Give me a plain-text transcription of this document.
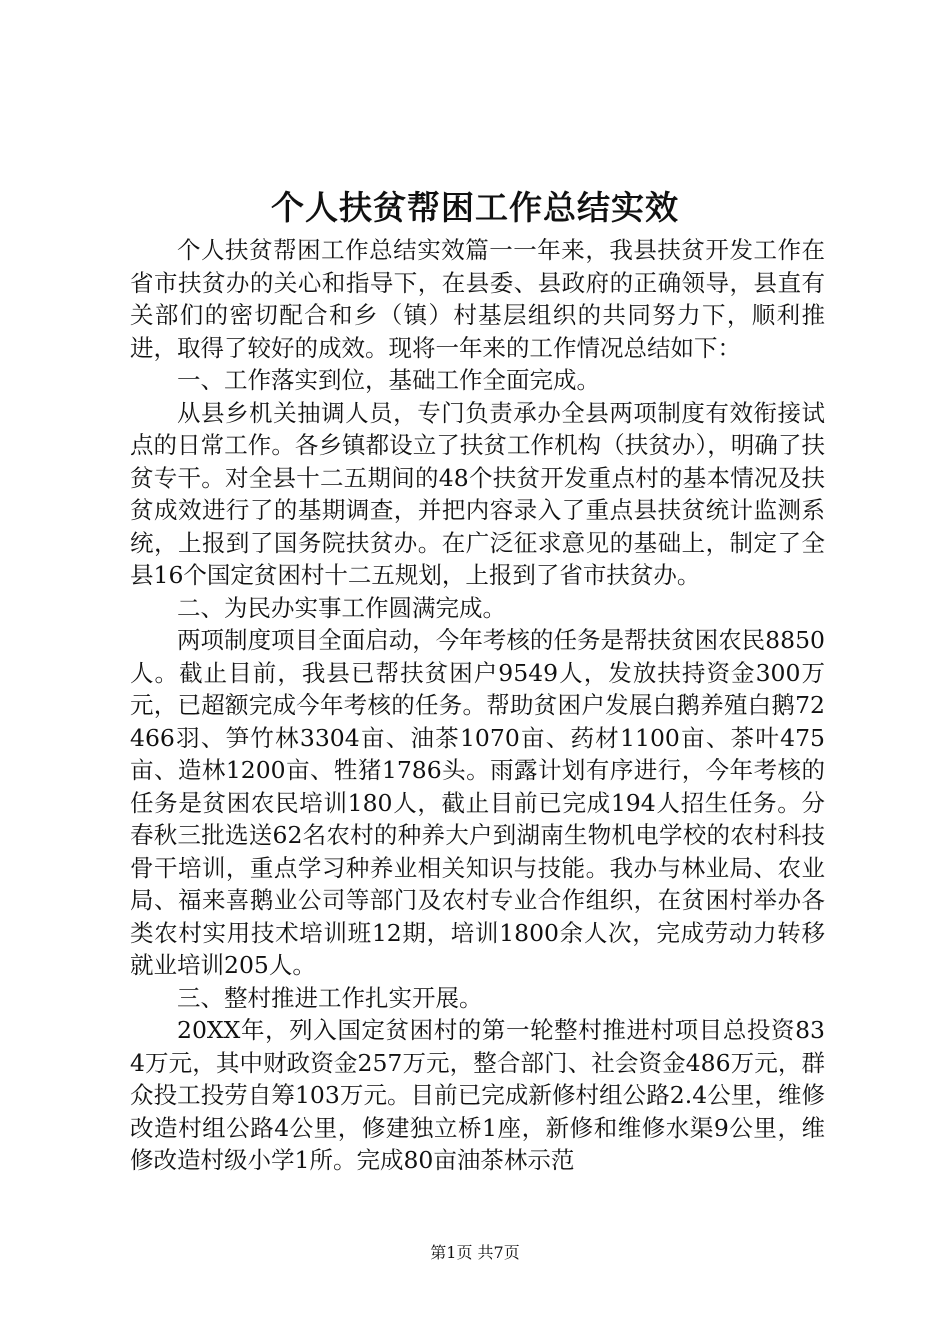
个人扶贫帮困工作总结实效

个人扶贫帮困工作总结实效篇一一年来，我县扶贫开发工作在省市扶贫办的关心和指导下，在县委、县政府的正确领导，县直有关部们的密切配合和乡（镇）村基层组织的共同努力下，顺利推进，取得了较好的成效。现将一年来的工作情况总结如下：

一、工作落实到位，基础工作全面完成。

从县乡机关抽调人员，专门负责承办全县两项制度有效衔接试点的日常工作。各乡镇都设立了扶贫工作机构（扶贫办），明确了扶贫专干。对全县十二五期间的48个扶贫开发重点村的基本情况及扶贫成效进行了的基期调查，并把内容录入了重点县扶贫统计监测系统，上报到了国务院扶贫办。在广泛征求意见的基础上，制定了全县16个国定贫困村十二五规划，上报到了省市扶贫办。

二、为民办实事工作圆满完成。

两项制度项目全面启动，今年考核的任务是帮扶贫困农民8850人。截止目前，我县已帮扶贫困户9549人，发放扶持资金300万元，已超额完成今年考核的任务。帮助贫困户发展白鹅养殖白鹅72466羽、笋竹林3304亩、油茶1070亩、药材1100亩、茶叶475亩、造林1200亩、牲猪1786头。雨露计划有序进行，今年考核的任务是贫困农民培训180人，截止目前已完成194人招生任务。分春秋三批选送62名农村的种养大户到湖南生物机电学校的农村科技骨干培训，重点学习种养业相关知识与技能。我办与林业局、农业局、福来喜鹅业公司等部门及农村专业合作组织，在贫困村举办各类农村实用技术培训班12期，培训1800余人次，完成劳动力转移就业培训205人。

三、整村推进工作扎实开展。

20XX年，列入国定贫困村的第一轮整村推进村项目总投资834万元，其中财政资金257万元，整合部门、社会资金486万元，群众投工投劳自筹103万元。目前已完成新修村组公路2.4公里，维修改造村组公路4公里，修建独立桥1座，新修和维修水渠9公里，维修改造村级小学1所。完成80亩油茶林示范

第1页 共7页
